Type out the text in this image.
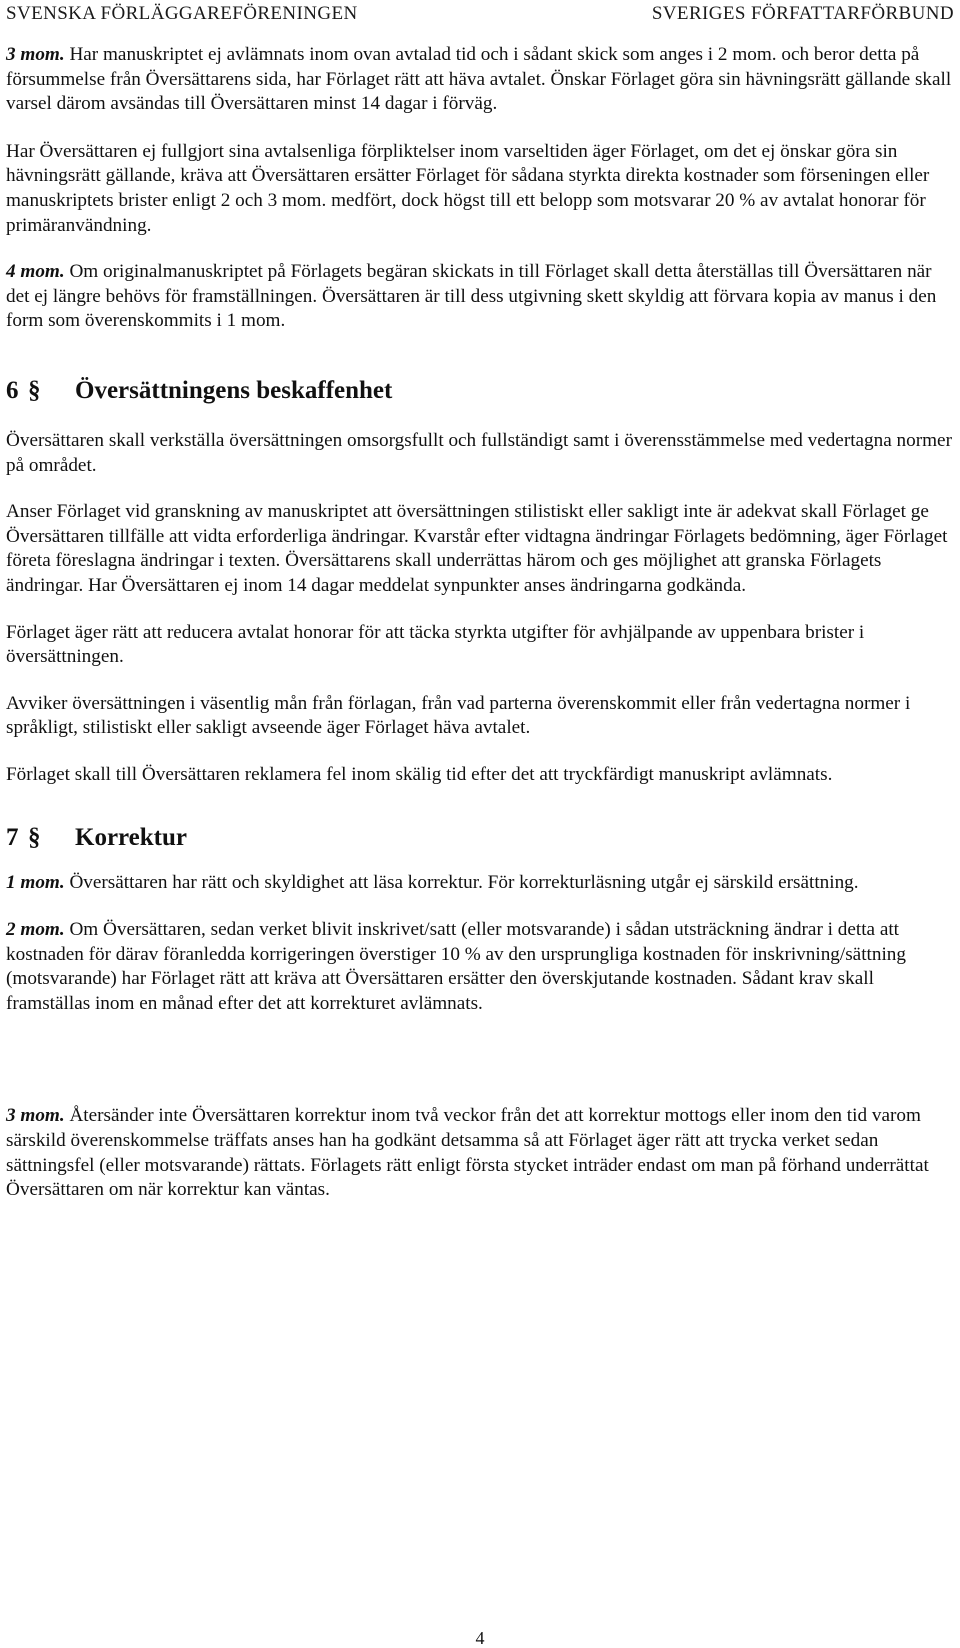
SVENSKA FÖRLÄGGAREFÖRENINGEN	SVERIGES FÖRFATTARFÖRBUND

3 mom. Har manuskriptet ej avlämnats inom ovan avtalad tid och i sådant skick som anges i 2 mom. och beror detta på försummelse från Översättarens sida, har Förlaget rätt att häva avtalet. Önskar Förlaget göra sin hävningsrätt gällande skall varsel därom avsändas till Översättaren minst 14 dagar i förväg.

Har Översättaren ej fullgjort sina avtalsenliga förpliktelser inom varseltiden äger Förlaget, om det ej önskar göra sin hävningsrätt gällande, kräva att Översättaren ersätter Förlaget för sådana styrkta direkta kostnader som förseningen eller manuskriptets brister enligt 2 och 3 mom. medfört, dock högst till ett belopp som motsvarar 20 % av avtalat honorar för primäranvändning.

4 mom. Om originalmanuskriptet på Förlagets begäran skickats in till Förlaget skall detta återställas till Översättaren när det ej längre behövs för framställningen. Översättaren är till dess utgivning skett skyldig att förvara kopia av manus i den form som överenskommits i 1 mom.

6 §	Översättningens beskaffenhet

Översättaren skall verkställa översättningen omsorgsfullt och fullständigt samt i överensstämmelse med vedertagna normer på området.

Anser Förlaget vid granskning av manuskriptet att översättningen stilistiskt eller sakligt inte är adekvat skall Förlaget ge Översättaren tillfälle att vidta erforderliga ändringar. Kvarstår efter vidtagna ändringar Förlagets bedömning, äger Förlaget företa föreslagna ändringar i texten. Översättarens skall underrättas härom och ges möjlighet att granska Förlagets ändringar. Har Översättaren ej inom 14 dagar meddelat synpunkter anses ändringarna godkända.

Förlaget äger rätt att reducera avtalat honorar för att täcka styrkta utgifter för avhjälpande av uppenbara brister i översättningen.

Avviker översättningen i väsentlig mån från förlagan, från vad parterna överenskommit eller från vedertagna normer i språkligt, stilistiskt eller sakligt avseende äger Förlaget häva avtalet.

Förlaget skall till Översättaren reklamera fel inom skälig tid efter det att tryckfärdigt manuskript avlämnats.

7 §	Korrektur

1 mom. Översättaren har rätt och skyldighet att läsa korrektur. För korrekturläsning utgår ej särskild ersättning.

2 mom. Om Översättaren, sedan verket blivit inskrivet/satt (eller motsvarande) i sådan utsträckning ändrar i detta att kostnaden för därav föranledda korrigeringen överstiger 10 % av den ursprungliga kostnaden för inskrivning/sättning (motsvarande) har Förlaget rätt att kräva att Översättaren ersätter den överskjutande kostnaden. Sådant krav skall framställas inom en månad efter det att korrekturet avlämnats.

3 mom. Återsänder inte Översättaren korrektur inom två veckor från det att korrektur mottogs eller inom den tid varom särskild överenskommelse träffats anses han ha godkänt detsamma så att Förlaget äger rätt att trycka verket sedan sättningsfel (eller motsvarande) rättats. Förlagets rätt enligt första stycket inträder endast om man på förhand underrättat Översättaren om när korrektur kan väntas.

4
